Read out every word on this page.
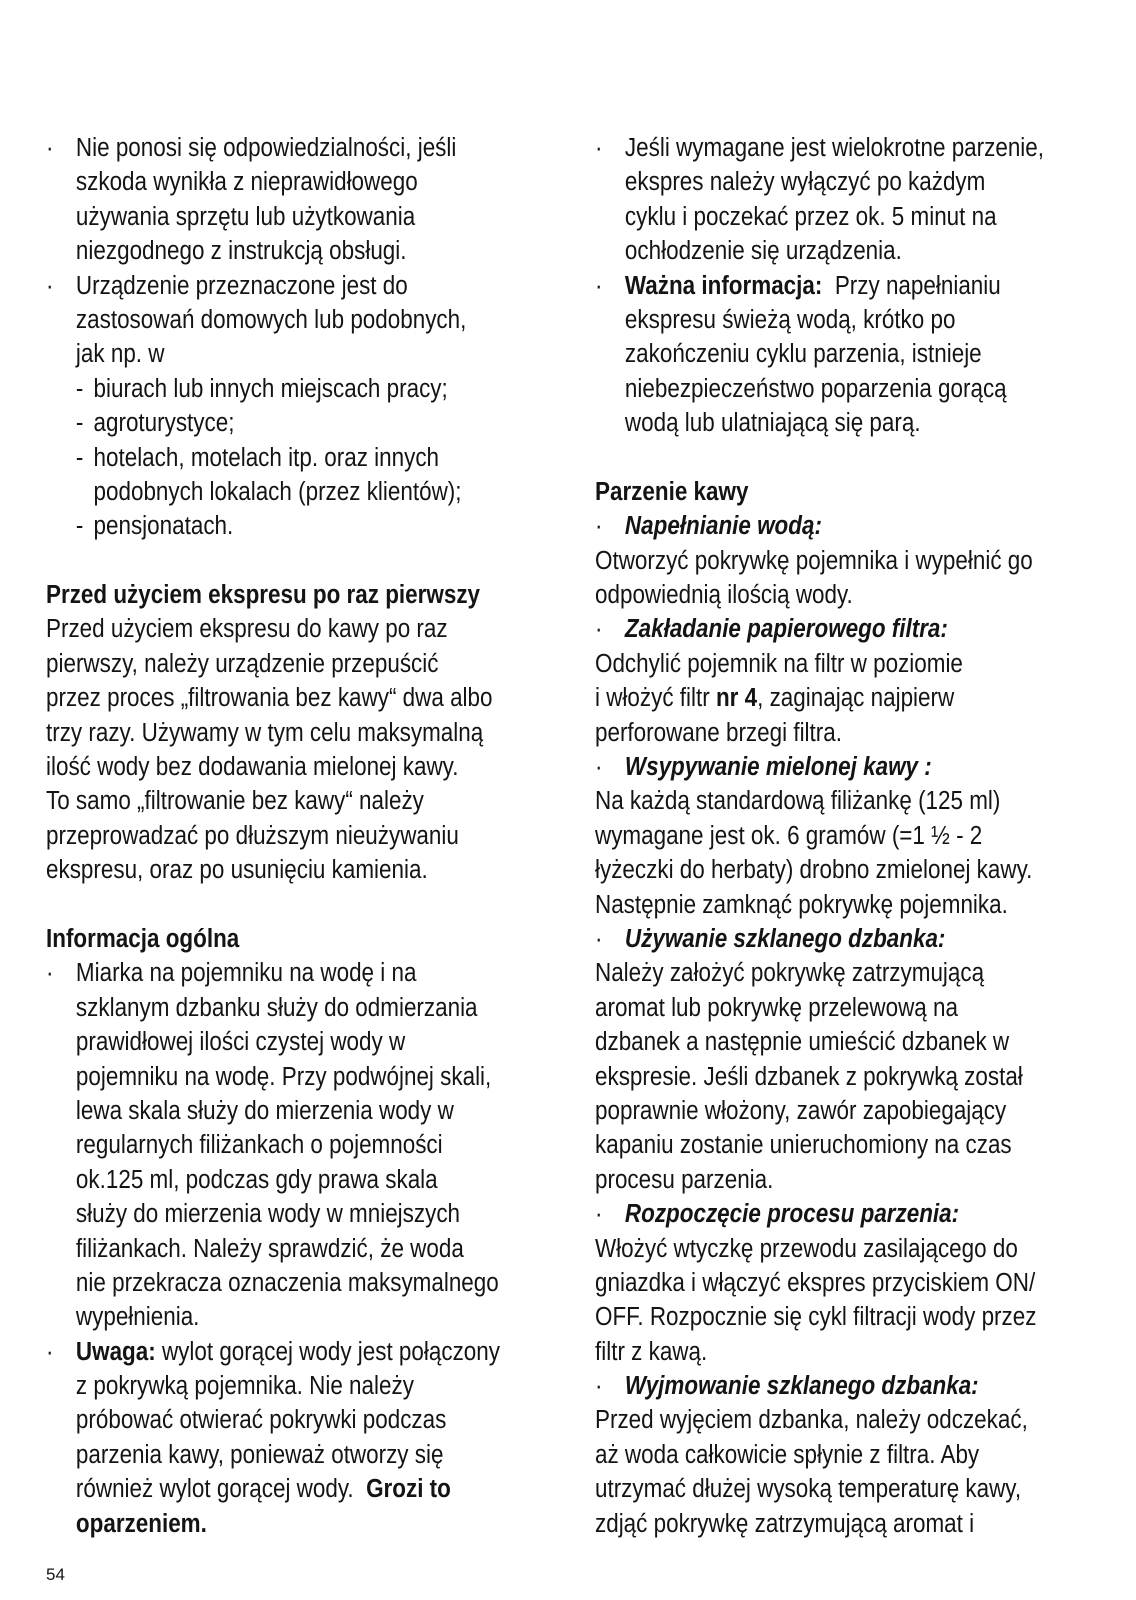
· Nie ponosi się odpowiedzialności, jeśli
szkoda wynikła z nieprawidłowego
używania sprzętu lub użytkowania
niezgodnego z instrukcją obsługi.
· Urządzenie przeznaczone jest do
zastosowań domowych lub podobnych,
jak np. w
- biurach lub innych miejscach pracy;
- agroturystyce;
- hotelach, motelach itp. oraz innych
podobnych lokalach (przez klientów);
- pensjonatach.
Przed użyciem ekspresu po raz pierwszy
Przed użyciem ekspresu do kawy po raz
pierwszy, należy urządzenie przepuścić
przez proces „filtrowania bez kawy“ dwa albo
trzy razy. Używamy w tym celu maksymalną
ilość wody bez dodawania mielonej kawy.
To samo „filtrowanie bez kawy“ należy
przeprowadzać po dłuższym nieużywaniu
ekspresu, oraz po usunięciu kamienia.
Informacja ogólna
· Miarka na pojemniku na wodę i na
szklanym dzbanku służy do odmierzania
prawidłowej ilości czystej wody w
pojemniku na wodę. Przy podwójnej skali,
lewa skala służy do mierzenia wody w
regularnych filiżankach o pojemności
ok.125 ml, podczas gdy prawa skala
służy do mierzenia wody w mniejszych
filiżankach. Należy sprawdzić, że woda
nie przekracza oznaczenia maksymalnego
wypełnienia.
· Uwaga: wylot gorącej wody jest połączony
z pokrywką pojemnika. Nie należy
próbować otwierać pokrywki podczas
parzenia kawy, ponieważ otworzy się
również wylot gorącej wody. Grozi to
oparzeniem.
· Jeśli wymagane jest wielokrotne parzenie,
ekspres należy wyłączyć po każdym
cyklu i poczekać przez ok. 5 minut na
ochłodzenie się urządzenia.
· Ważna informacja: Przy napełnianiu
ekspresu świeżą wodą, krótko po
zakończeniu cyklu parzenia, istnieje
niebezpieczeństwo poparzenia gorącą
wodą lub ulatniającą się parą.
Parzenie kawy
· Napełnianie wodą:
Otworzyć pokrywkę pojemnika i wypełnić go
odpowiednią ilością wody.
· Zakładanie papierowego filtra:
Odchylić pojemnik na filtr w poziomie
i włożyć filtr nr 4, zaginając najpierw
perforowane brzegi filtra.
· Wsypywanie mielonej kawy :
Na każdą standardową filiżankę (125 ml)
wymagane jest ok. 6 gramów (=1 ½ - 2
łyżeczki do herbaty) drobno zmielonej kawy.
Następnie zamknąć pokrywkę pojemnika.
· Używanie szklanego dzbanka:
Należy założyć pokrywkę zatrzymującą
aromat lub pokrywkę przelewową na
dzbanek a następnie umieścić dzbanek w
ekspresie. Jeśli dzbanek z pokrywką został
poprawnie włożony, zawór zapobiegający
kapaniu zostanie unieruchomiony na czas
procesu parzenia.
· Rozpoczęcie procesu parzenia:
Włożyć wtyczkę przewodu zasilającego do
gniazdka i włączyć ekspres przyciskiem ON/
OFF. Rozpocznie się cykl filtracji wody przez
filtr z kawą.
· Wyjmowanie szklanego dzbanka:
Przed wyjęciem dzbanka, należy odczekać,
aż woda całkowicie spłynie z filtra. Aby
utrzymać dłużej wysoką temperaturę kawy,
zdjąć pokrywkę zatrzymującą aromat i
54
